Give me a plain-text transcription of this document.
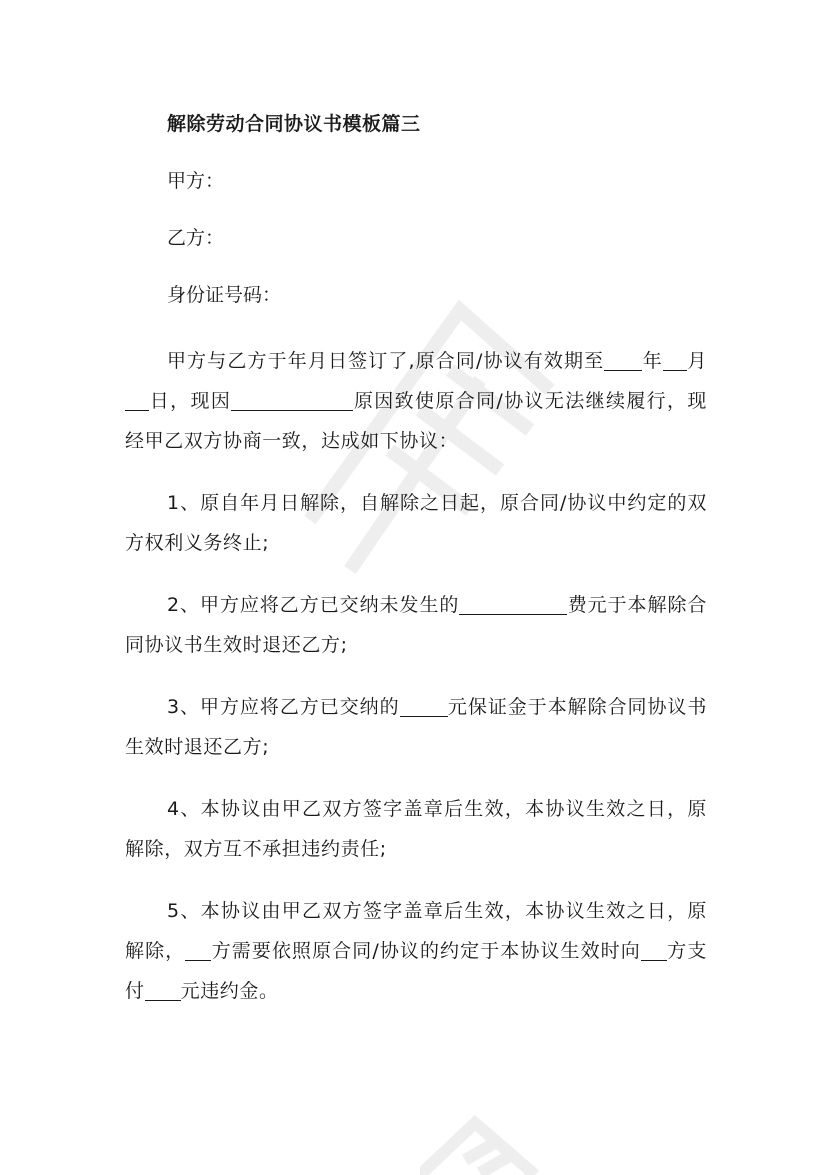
解除劳动合同协议书模板篇三
甲方：
乙方：
身份证号码：

甲方与乙方于年月日签订了,原合同/协议有效期至 年 月日，现因	原因致使原合同/协议无法继续履行，现经甲乙双方协商一致，达成如下协议：

1、原自年月日解除，自解除之日起，原合同/协议中约定的双方权利义务终止;

2、甲方应将乙方已交纳未发生的	费元于本解除合同协议书生效时退还乙方;

3、甲方应将乙方已交纳的	元保证金于本解除合同协议书生效时退还乙方;

4、本协议由甲乙双方签字盖章后生效，本协议生效之日，原解除，双方互不承担违约责任;

5、本协议由甲乙双方签字盖章后生效，本协议生效之日，原解除， 方需要依照原合同/协议的约定于本协议生效时向 方支付 元违约金。
